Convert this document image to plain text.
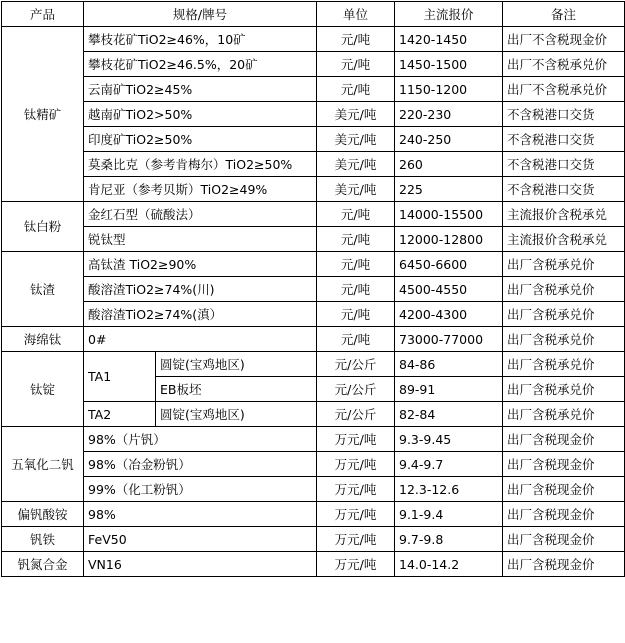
产品	规格/牌号		单位	主流报价	备注
钛精矿	攀枝花矿TiO2≥46%，10矿		元/吨	1420-1450	出厂不含税现金价
	攀枝花矿TiO2≥46.5%，20矿		元/吨	1450-1500	出厂不含税承兑价
	云南矿TiO2≥45%		元/吨	1150-1200	出厂不含税承兑价
	越南矿TiO2>50%		美元/吨	220-230	不含税港口交货
	印度矿TiO2≥50%		美元/吨	240-250	不含税港口交货
	莫桑比克（参考肯梅尔）TiO2≥50%		美元/吨	260	不含税港口交货
	肯尼亚（参考贝斯）TiO2≥49%		美元/吨	225	不含税港口交货
钛白粉	金红石型（硫酸法）		元/吨	14000-15500	主流报价含税承兑
	锐钛型		元/吨	12000-12800	主流报价含税承兑
钛渣	高钛渣 TiO2≥90%		元/吨	6450-6600	出厂含税承兑价
	酸溶渣TiO2≥74%(川)		元/吨	4500-4550	出厂含税承兑价
	酸溶渣TiO2≥74%(滇）		元/吨	4200-4300	出厂含税承兑价
海绵钛	0#		元/吨	73000-77000	出厂含税承兑价
钛锭	TA1	圆锭(宝鸡地区)	元/公斤	84-86	出厂含税承兑价
		EB板坯	元/公斤	89-91	出厂含税承兑价
	TA2	圆锭(宝鸡地区)	元/公斤	82-84	出厂含税承兑价
五氧化二钒	98%（片钒）		万元/吨	9.3-9.45	出厂含税现金价
	98%（冶金粉钒）		万元/吨	9.4-9.7	出厂含税现金价
	99%（化工粉钒）		万元/吨	12.3-12.6	出厂含税现金价
偏钒酸铵	98%		万元/吨	9.1-9.4	出厂含税现金价
钒铁	FeV50		万元/吨	9.7-9.8	出厂含税现金价
钒氮合金	VN16		万元/吨	14.0-14.2	出厂含税现金价
